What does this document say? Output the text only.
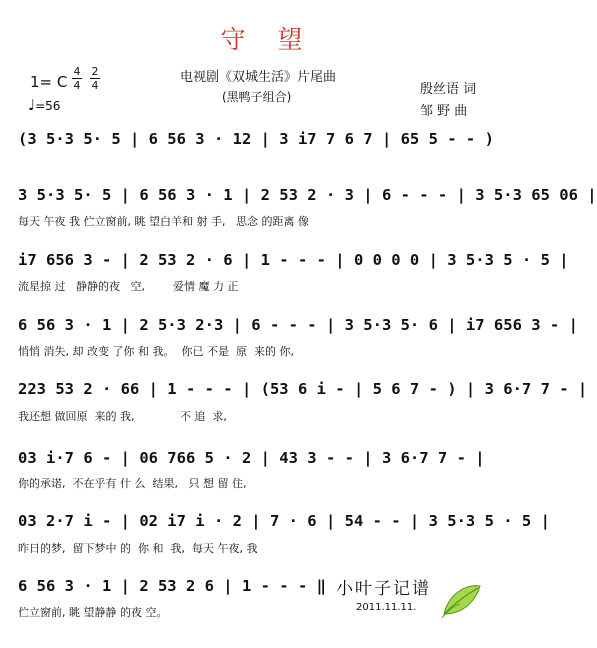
守 望
1= C
4
4
2
4
♩=56
电视剧《双城生活》片尾曲
(黑鸭子组合)	殷丝语 词
邹 野 曲
(3 5·3 5· 5 | 6 56 3 · 12 | 3 i7 7 6 7 | 65 5 - - )
3 5·3 5· 5 | 6 56 3 · 1 | 2 53 2 · 3 | 6 - - - | 3 5·3 65 06 |
每天 午夜 我 伫立窗前, 眺 望白羊和 射 手,   思念 的距离 像
i7 656 3 - | 2 53 2 · 6 | 1 - - - | 0 0 0 0 | 3 5·3 5 · 5 |
流星掠 过   静静的夜   空,        爱情 魔 力 正
6 56 3 · 1 | 2 5·3 2·3 | 6 - - - | 3 5·3 5· 6 | i7 656 3 - |
悄悄 消失, 却 改变 了你 和 我。  你已 不是  原  来的 你,
223 53 2 · 66 | 1 - - - | (53 6 i - | 5 6 7 - ) | 3 6·7 7 - |
我还想 做回原  来的 我,             不 追  求,
03 i·7 6 - | 06 766 5 · 2 | 43 3 - - | 3 6·7 7 - |
你的承诺,  不在乎有 什 么  结果,   只 想 留 住,
03 2·7 i - | 02 i7 i · 2 | 7 · 6 | 54 - - | 3 5·3 5 · 5 |
昨日的梦,  留下梦中 的  你 和  我,  每天 午夜, 我
6 56 3 · 1 | 2 53 2 6 | 1 - - - ‖
伫立窗前, 眺 望静静 的夜 空。
小叶子记谱
2011.11.11.
